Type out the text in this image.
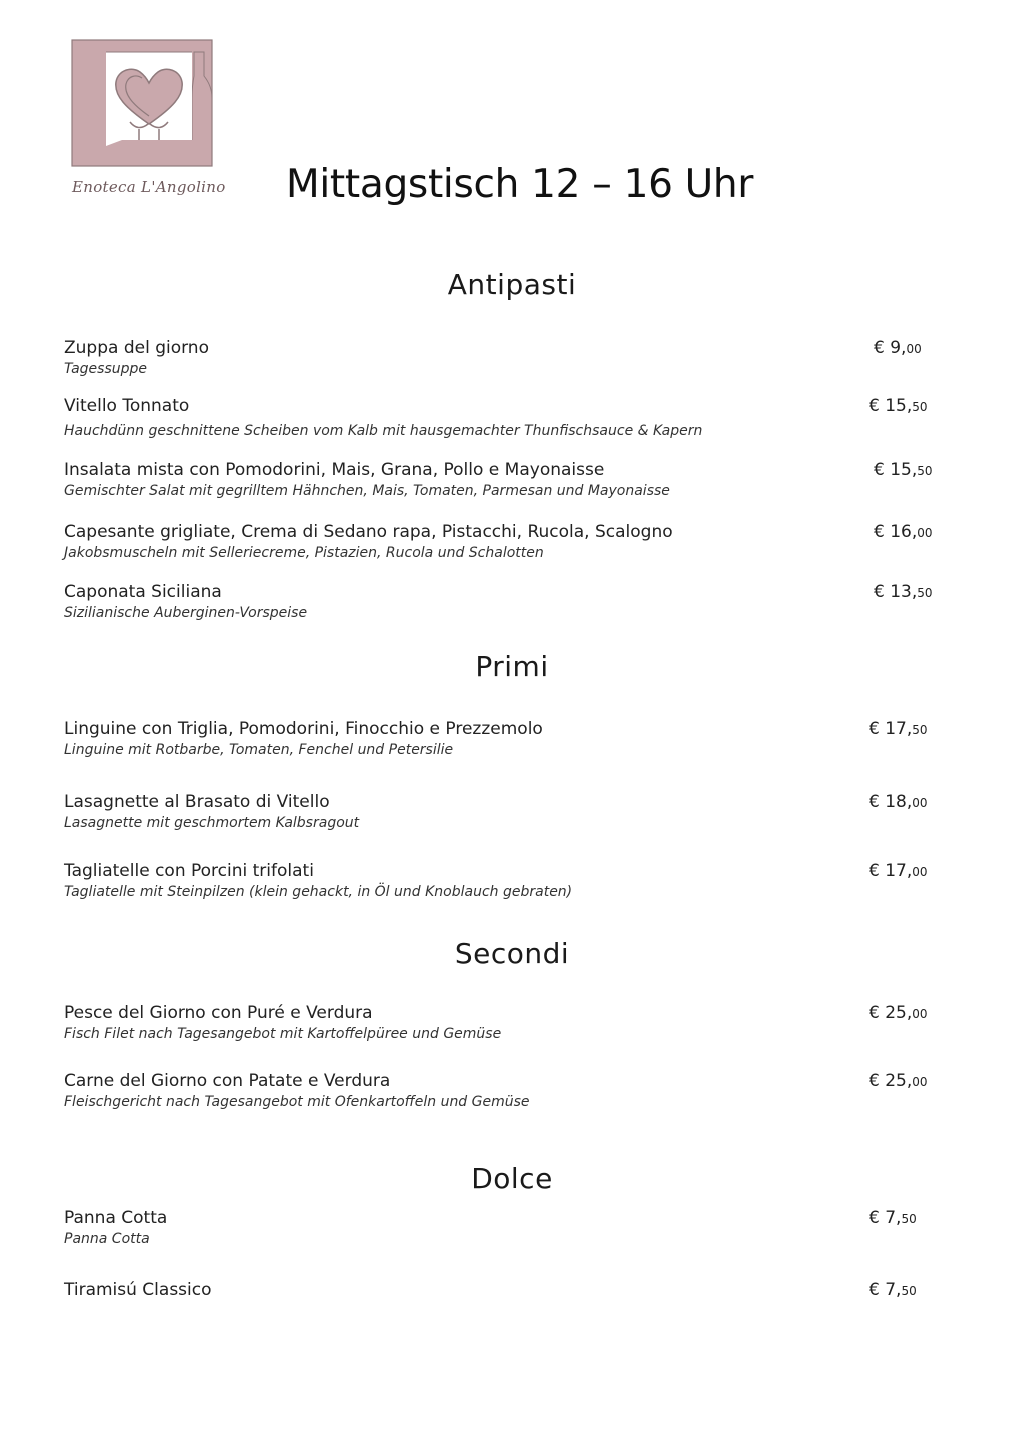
Enoteca L'Angolino Mittagstisch 12 – 16 Uhr
Antipasti
Zuppa del giorno
Tagessuppe
€ 9,00
Vitello Tonnato
Hauchdünn geschnittene Scheiben vom Kalb mit hausgemachter Thunfischsauce & Kapern
€ 15,50
Insalata mista con Pomodorini, Mais, Grana, Pollo e Mayonaisse
Gemischter Salat mit gegrilltem Hähnchen, Mais, Tomaten, Parmesan und Mayonaisse
€ 15,50
Capesante grigliate, Crema di Sedano rapa, Pistacchi, Rucola, Scalogno
Jakobsmuscheln mit Selleriecreme, Pistazien, Rucola und Schalotten
€ 16,00
Caponata Siciliana
Sizilianische Auberginen-Vorspeise
€ 13,50
Primi
Linguine con Triglia, Pomodorini, Finocchio e Prezzemolo
Linguine mit Rotbarbe, Tomaten, Fenchel und Petersilie
€ 17,50
Lasagnette al Brasato di Vitello
Lasagnette mit geschmortem Kalbsragout
€ 18,00
Tagliatelle con Porcini trifolati
Tagliatelle mit Steinpilzen (klein gehackt, in Öl und Knoblauch gebraten)
€ 17,00
Secondi
Pesce del Giorno con Puré e Verdura
Fisch Filet nach Tagesangebot mit Kartoffelpüree und Gemüse
€ 25,00
Carne del Giorno con Patate e Verdura
Fleischgericht nach Tagesangebot mit Ofenkartoffeln und Gemüse
€ 25,00
Dolce
Panna Cotta
Panna Cotta
€ 7,50
Tiramisú Classico	€ 7,50
